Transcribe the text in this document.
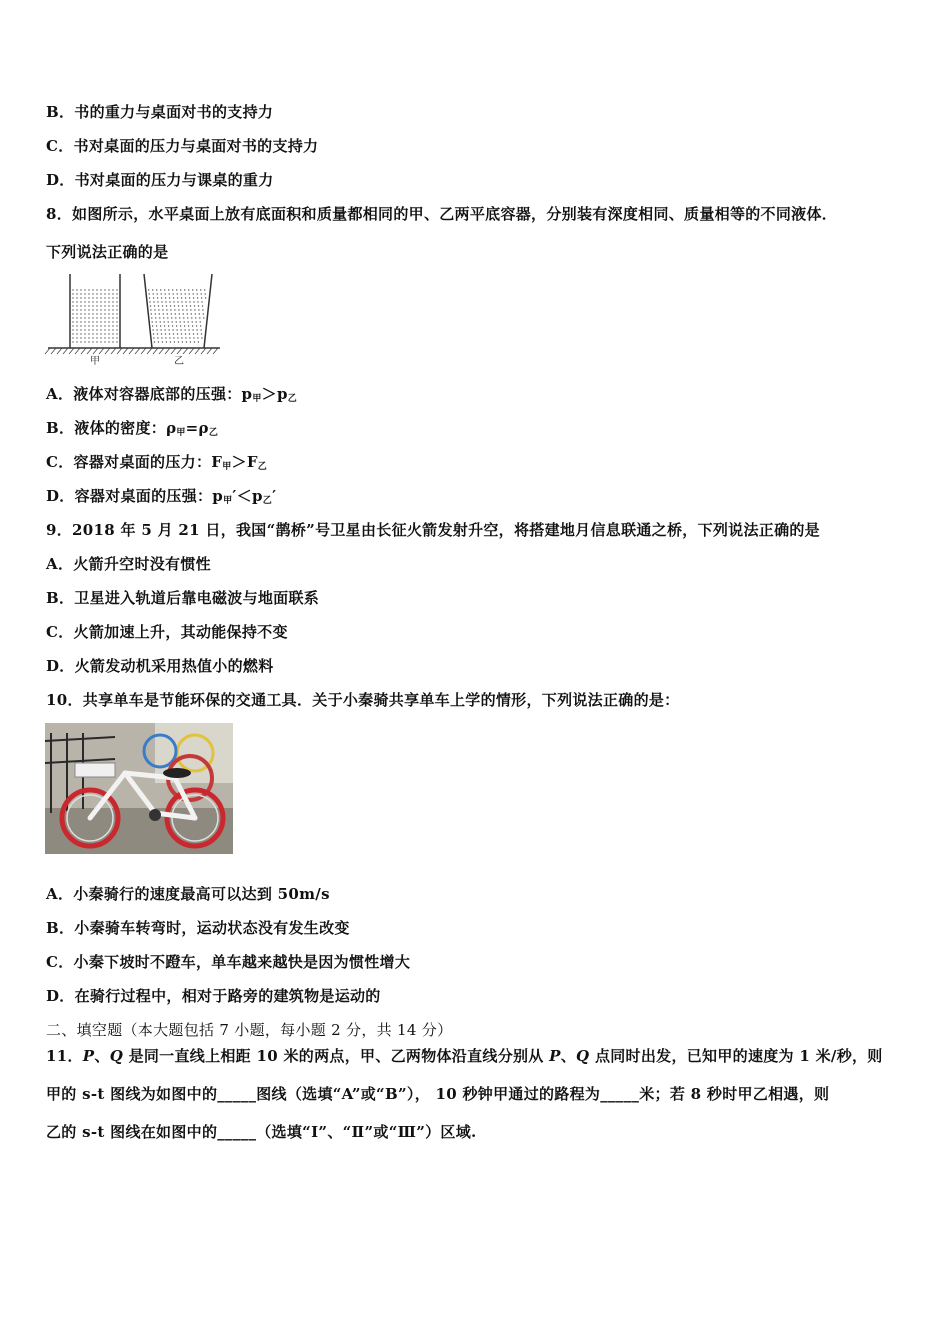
B．书的重力与桌面对书的支持力
C．书对桌面的压力与桌面对书的支持力
D．书对桌面的压力与课桌的重力
8．如图所示，水平桌面上放有底面积和质量都相同的甲、乙两平底容器，分别装有深度相同、质量相等的不同液体．
下列说法正确的是
甲	乙
A．液体对容器底部的压强：$p_甲>p_乙$
B．液体的密度：$\rho_甲=\rho_乙$
C．容器对桌面的压力：$F_甲>F_乙$
D．容器对桌面的压强：$p_甲'<p_乙'$
9．2018 年 5 月 21 日，我国“鹊桥”号卫星由长征火箭发射升空，将搭建地月信息联通之桥，下列说法正确的是
A．火箭升空时没有惯性
B．卫星进入轨道后靠电磁波与地面联系
C．火箭加速上升，其动能保持不变
D．火箭发动机采用热值小的燃料
10．共享单车是节能环保的交通工具．关于小秦骑共享单车上学的情形，下列说法正确的是：
A．小秦骑行的速度最高可以达到 50m/s
B．小秦骑车转弯时，运动状态没有发生改变
C．小秦下坡时不蹬车，单车越来越快是因为惯性增大
D．在骑行过程中，相对于路旁的建筑物是运动的
二、填空题（本大题包括 7 小题，每小题 2 分，共 14 分）
11．P、Q 是同一直线上相距 10 米的两点，甲、乙两物体沿直线分别从 P、Q 点同时出发，已知甲的速度为 1 米/秒，则
甲的 s-t 图线为如图中的_____图线（选填“A”或“B”）， 10 秒钟甲通过的路程为_____米；若 8 秒时甲乙相遇，则
乙的 s-t 图线在如图中的_____（选填“Ⅰ”、“Ⅱ”或“Ⅲ”）区域.
